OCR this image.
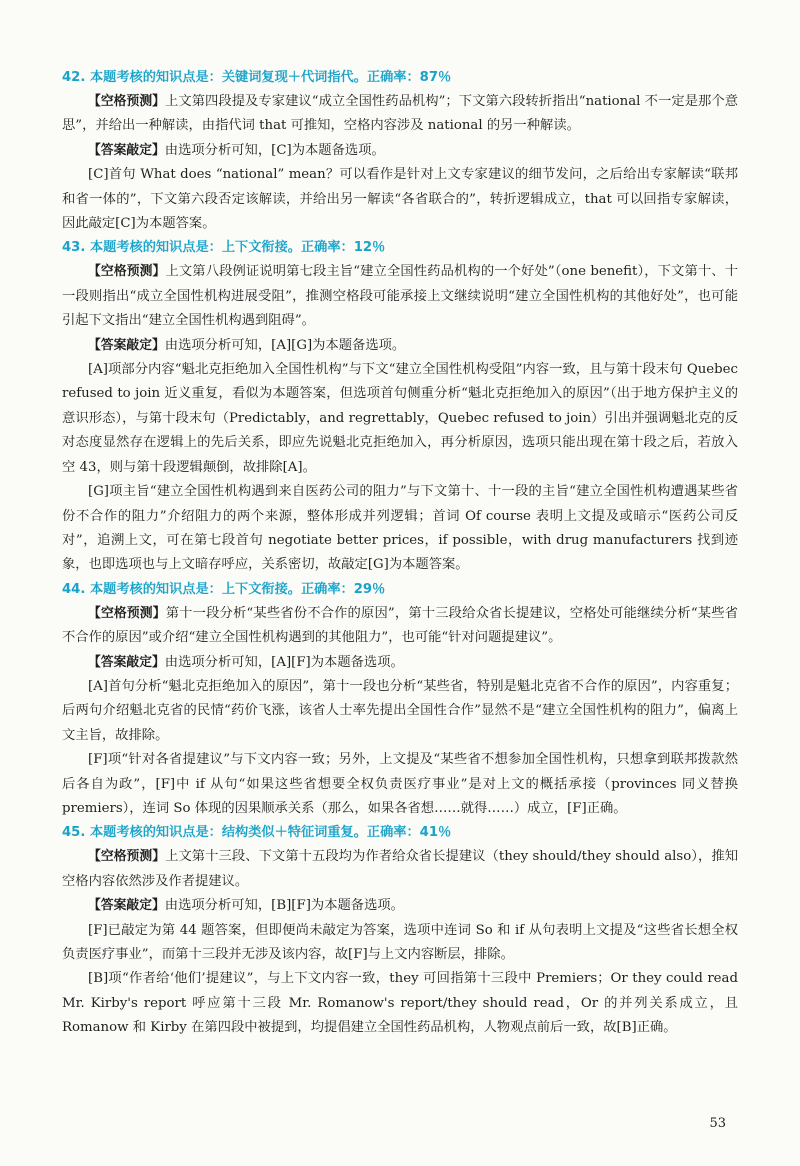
42. 本题考核的知识点是：关键词复现＋代词指代。正确率：87％

【空格预测】上文第四段提及专家建议“成立全国性药品机构”；下文第六段转折指出“national 不一定是那个意思”，并给出一种解读，由指代词 that 可推知，空格内容涉及 national 的另一种解读。

【答案敲定】由选项分析可知，[C]为本题备选项。

[C]首句 What does “national” mean？可以看作是针对上文专家建议的细节发问，之后给出专家解读“联邦和省一体的”，下文第六段否定该解读，并给出另一解读“各省联合的”，转折逻辑成立，that 可以回指专家解读，因此敲定[C]为本题答案。

43. 本题考核的知识点是：上下文衔接。正确率：12％

【空格预测】上文第八段例证说明第七段主旨“建立全国性药品机构的一个好处”（one benefit），下文第十、十一段则指出“成立全国性机构进展受阻”，推测空格段可能承接上文继续说明“建立全国性机构的其他好处”，也可能引起下文指出“建立全国性机构遇到阻碍”。

【答案敲定】由选项分析可知，[A][G]为本题备选项。

[A]项部分内容“魁北克拒绝加入全国性机构”与下文“建立全国性机构受阻”内容一致，且与第十段末句 Quebec refused to join 近义重复，看似为本题答案，但选项首句侧重分析“魁北克拒绝加入的原因”（出于地方保护主义的意识形态），与第十段末句（Predictably，and regrettably，Quebec refused to join）引出并强调魁北克的反对态度显然存在逻辑上的先后关系，即应先说魁北克拒绝加入，再分析原因，选项只能出现在第十段之后，若放入空 43，则与第十段逻辑颠倒，故排除[A]。

[G]项主旨“建立全国性机构遇到来自医药公司的阻力”与下文第十、十一段的主旨“建立全国性机构遭遇某些省份不合作的阻力”介绍阻力的两个来源，整体形成并列逻辑；首词 Of course 表明上文提及或暗示“医药公司反对”，追溯上文，可在第七段首句 negotiate better prices，if possible，with drug manufacturers 找到迹象，也即选项也与上文暗存呼应，关系密切，故敲定[G]为本题答案。

44. 本题考核的知识点是：上下文衔接。正确率：29％

【空格预测】第十一段分析“某些省份不合作的原因”，第十三段给众省长提建议，空格处可能继续分析“某些省不合作的原因”或介绍“建立全国性机构遇到的其他阻力”，也可能“针对问题提建议”。

【答案敲定】由选项分析可知，[A][F]为本题备选项。

[A]首句分析“魁北克拒绝加入的原因”，第十一段也分析“某些省，特别是魁北克省不合作的原因”，内容重复；后两句介绍魁北克省的民情“药价飞涨，该省人士率先提出全国性合作”显然不是“建立全国性机构的阻力”，偏离上文主旨，故排除。

[F]项“针对各省提建议”与下文内容一致；另外，上文提及“某些省不想参加全国性机构，只想拿到联邦拨款然后各自为政”，[F]中 if 从句“如果这些省想要全权负责医疗事业”是对上文的概括承接（provinces 同义替换 premiers），连词 So 体现的因果顺承关系（那么，如果各省想……就得……）成立，[F]正确。

45. 本题考核的知识点是：结构类似＋特征词重复。正确率：41％

【空格预测】上文第十三段、下文第十五段均为作者给众省长提建议（they should/they should also），推知空格内容依然涉及作者提建议。

【答案敲定】由选项分析可知，[B][F]为本题备选项。

[F]已敲定为第 44 题答案，但即便尚未敲定为答案，选项中连词 So 和 if 从句表明上文提及“这些省长想全权负责医疗事业”，而第十三段并无涉及该内容，故[F]与上文内容断层，排除。

[B]项“作者给‘他们’提建议”，与上下文内容一致，they 可回指第十三段中 Premiers；Or they could read Mr. Kirby's report 呼应第十三段 Mr. Romanow's report/they should read，Or 的并列关系成立，且 Romanow 和 Kirby 在第四段中被提到，均提倡建立全国性药品机构，人物观点前后一致，故[B]正确。

53
